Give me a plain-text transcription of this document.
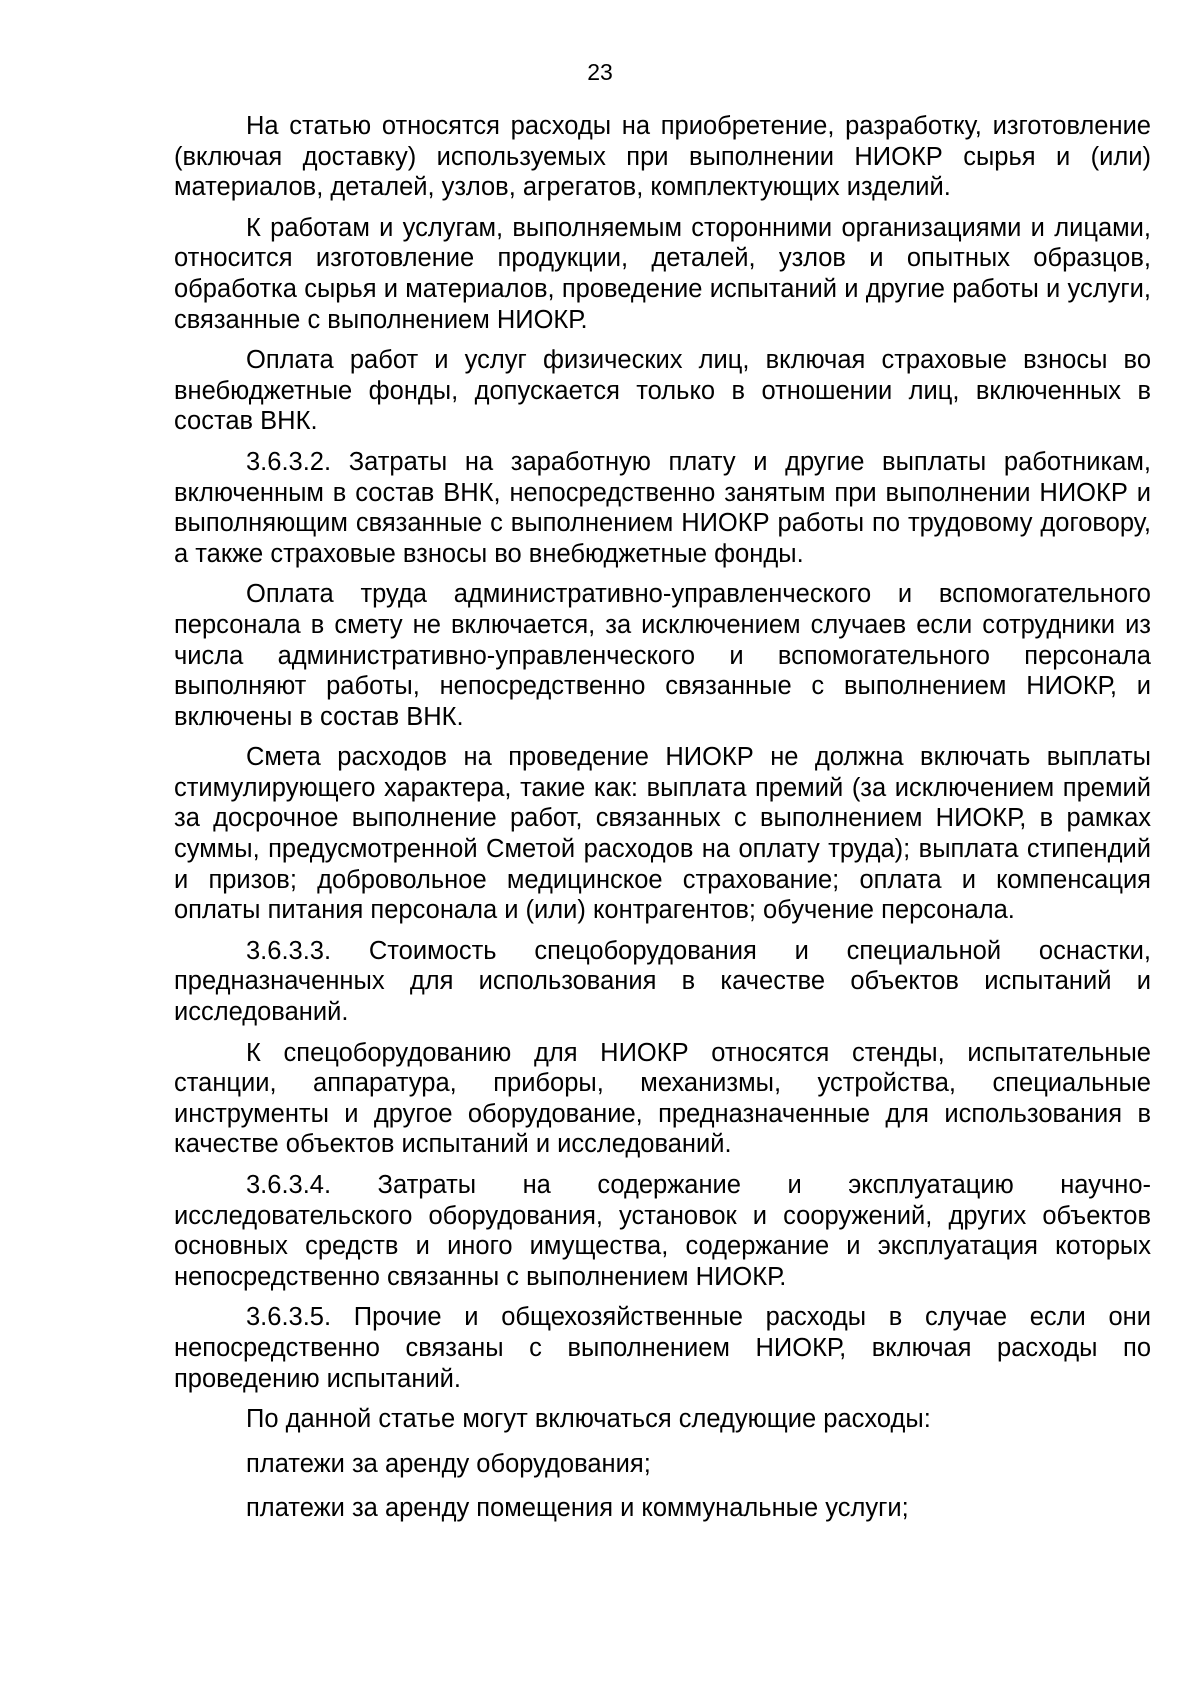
23

На статью относятся расходы на приобретение, разработку, изготовление (включая доставку) используемых при выполнении НИОКР сырья и (или) материалов, деталей, узлов, агрегатов, комплектующих изделий.

К работам и услугам, выполняемым сторонними организациями и лицами, относится изготовление продукции, деталей, узлов и опытных образцов, обработка сырья и материалов, проведение испытаний и другие работы и услуги, связанные с выполнением НИОКР.

Оплата работ и услуг физических лиц, включая страховые взносы во внебюджетные фонды, допускается только в отношении лиц, включенных в состав ВНК.

3.6.3.2. Затраты на заработную плату и другие выплаты работникам, включенным в состав ВНК, непосредственно занятым при выполнении НИОКР и выполняющим связанные с выполнением НИОКР работы по трудовому договору, а также страховые взносы во внебюджетные фонды.

Оплата труда административно-управленческого и вспомогательного персонала в смету не включается, за исключением случаев если сотрудники из числа административно-управленческого и вспомогательного персонала выполняют работы, непосредственно связанные с выполнением НИОКР, и включены в состав ВНК.

Смета расходов на проведение НИОКР не должна включать выплаты стимулирующего характера, такие как: выплата премий (за исключением премий за досрочное выполнение работ, связанных с выполнением НИОКР, в рамках суммы, предусмотренной Сметой расходов на оплату труда); выплата стипендий и призов; добровольное медицинское страхование; оплата и компенсация оплаты питания персонала и (или) контрагентов; обучение персонала.

3.6.3.3. Стоимость спецоборудования и специальной оснастки, предназначенных для использования в качестве объектов испытаний и исследований.

К спецоборудованию для НИОКР относятся стенды, испытательные станции, аппаратура, приборы, механизмы, устройства, специальные инструменты и другое оборудование, предназначенные для использования в качестве объектов испытаний и исследований.

3.6.3.4. Затраты на содержание и эксплуатацию научно-исследовательского оборудования, установок и сооружений, других объектов основных средств и иного имущества, содержание и эксплуатация которых непосредственно связанны с выполнением НИОКР.

3.6.3.5. Прочие и общехозяйственные расходы в случае если они непосредственно связаны с выполнением НИОКР, включая расходы по проведению испытаний.

По данной статье могут включаться следующие расходы:

платежи за аренду оборудования;

платежи за аренду помещения и коммунальные услуги;
